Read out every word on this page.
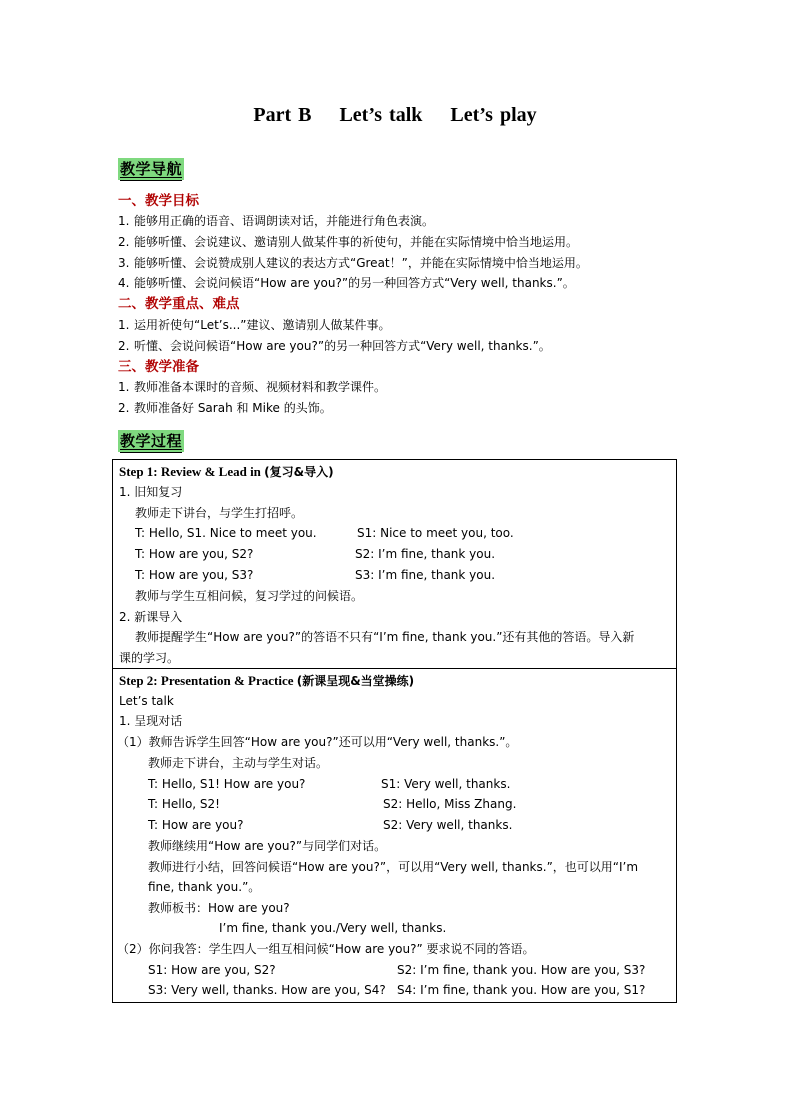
Part B    Let’s talk    Let’s play
教学导航
一、教学目标
1. 能够用正确的语音、语调朗读对话，并能进行角色表演。
2. 能够听懂、会说建议、邀请别人做某件事的祈使句，并能在实际情境中恰当地运用。
3. 能够听懂、会说赞成别人建议的表达方式“Great！”，并能在实际情境中恰当地运用。
4. 能够听懂、会说问候语“How are you?”的另一种回答方式“Very well, thanks.”。
二、教学重点、难点
1. 运用祈使句“Let’s...”建议、邀请别人做某件事。
2. 听懂、会说问候语“How are you?”的另一种回答方式“Very well, thanks.”。
三、教学准备
1. 教师准备本课时的音频、视频材料和教学课件。
2. 教师准备好 Sarah 和 Mike 的头饰。
教学过程
Step 1: Review & Lead in (复习&导入)
1. 旧知复习
教师走下讲台，与学生打招呼。
T: Hello, S1. Nice to meet you.	S1: Nice to meet you, too.
T: How are you, S2?	S2: I’m fine, thank you.
T: How are you, S3?	S3: I’m fine, thank you.
教师与学生互相问候，复习学过的问候语。
2. 新课导入
教师提醒学生“How are you?”的答语不只有“I’m fine, thank you.”还有其他的答语。导入新
课的学习。

Step 2: Presentation & Practice (新课呈现&当堂操练)
Let’s talk
1. 呈现对话
（1）教师告诉学生回答“How are you?”还可以用“Very well, thanks.”。
教师走下讲台，主动与学生对话。
T: Hello, S1! How are you?	S1: Very well, thanks.
T: Hello, S2!	S2: Hello, Miss Zhang.
T: How are you?	S2: Very well, thanks.
教师继续用“How are you?”与同学们对话。
教师进行小结，回答问候语“How are you?”，可以用“Very well, thanks.”，也可以用“I’m
fine, thank you.”。
教师板书：How are you?
I’m fine, thank you./Very well, thanks.
（2）你问我答：学生四人一组互相问候“How are you?” 要求说不同的答语。
S1: How are you, S2?	S2: I’m fine, thank you. How are you, S3?
S3: Very well, thanks. How are you, S4? S4: I’m fine, thank you. How are you, S1?
